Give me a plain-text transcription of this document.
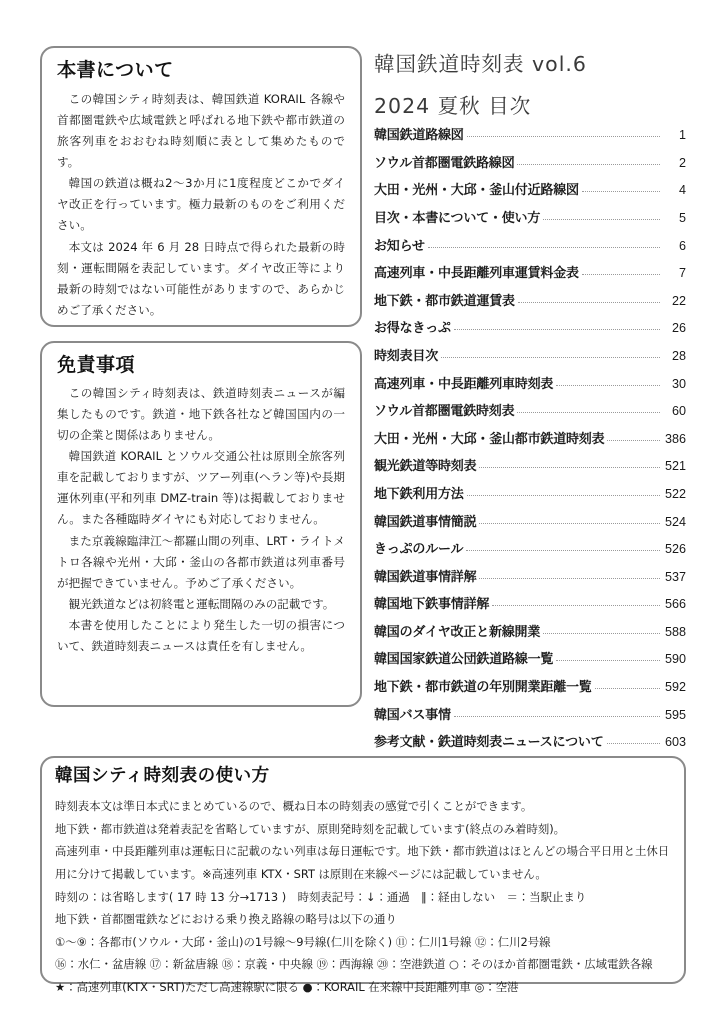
本書について

この韓国シティ時刻表は、韓国鉄道 KORAIL 各線や首都圏電鉄や広域電鉄と呼ばれる地下鉄や都市鉄道の旅客列車をおおむね時刻順に表として集めたものです。

韓国の鉄道は概ね2～3か月に1度程度どこかでダイヤ改正を行っています。極力最新のものをご利用ください。

本文は 2024 年 6 月 28 日時点で得られた最新の時刻・運転間隔を表記しています。ダイヤ改正等により最新の時刻ではない可能性がありますので、あらかじめご了承ください。

免責事項

この韓国シティ時刻表は、鉄道時刻表ニュースが編集したものです。鉄道・地下鉄各社など韓国国内の一切の企業と関係はありません。

韓国鉄道 KORAIL とソウル交通公社は原則全旅客列車を記載しておりますが、ツアー列車(ヘラン等)や長期運休列車(平和列車 DMZ-train 等)は掲載しておりません。また各種臨時ダイヤにも対応しておりません。

また京義線臨津江～都羅山間の列車、LRT・ライトメトロ各線や光州・大邱・釜山の各都市鉄道は列車番号が把握できていません。予めご了承ください。

観光鉄道などは初終電と運転間隔のみの記載です。

本書を使用したことにより発生した一切の損害について、鉄道時刻表ニュースは責任を有しません。

韓国鉄道時刻表 vol.6
2024 夏秋 目次
韓国鉄道路線図	1
ソウル首都圏電鉄路線図	2
大田・光州・大邱・釜山付近路線図	4
目次・本書について・使い方	5
お知らせ	6
高速列車・中長距離列車運賃料金表	7
地下鉄・都市鉄道運賃表	22
お得なきっぷ	26
時刻表目次	28
高速列車・中長距離列車時刻表	30
ソウル首都圏電鉄時刻表	60
大田・光州・大邱・釜山都市鉄道時刻表	386
観光鉄道等時刻表	521
地下鉄利用方法	522
韓国鉄道事情簡説	524
きっぷのルール	526
韓国鉄道事情詳解	537
韓国地下鉄事情詳解	566
韓国のダイヤ改正と新線開業	588
韓国国家鉄道公団鉄道路線一覧	590
地下鉄・都市鉄道の年別開業距離一覧	592
韓国バス事情	595
参考文献・鉄道時刻表ニュースについて	603
韓国シティ時刻表の使い方
時刻表本文は準日本式にまとめているので、概ね日本の時刻表の感覚で引くことができます。
地下鉄・都市鉄道は発着表記を省略していますが、原則発時刻を記載しています(終点のみ着時刻)。
高速列車・中長距離列車は運転日に記載のない列車は毎日運転です。地下鉄・都市鉄道はほとんどの場合平日用と土休日用に分けて掲載しています。※高速列車 KTX・SRT は原則在来線ページには記載していません。
時刻の：は省略します( 17 時 13 分→1713 )　時刻表記号：↓：通過　‖：経由しない　＝：当駅止まり
地下鉄・首都圏電鉄などにおける乗り換え路線の略号は以下の通り
①～⑨：各都市(ソウル・大邱・釜山)の1号線～9号線(仁川を除く) ⑪：仁川1号線 ⑫：仁川2号線
⑯：水仁・盆唐線 ⑰：新盆唐線 ⑱：京義・中央線 ⑲：西海線 ⑳：空港鉄道 ○：そのほか首都圏電鉄・広域電鉄各線 ★：高速列車(KTX・SRT)ただし高速線駅に限る ●：KORAIL 在来線中長距離列車 ◎：空港
